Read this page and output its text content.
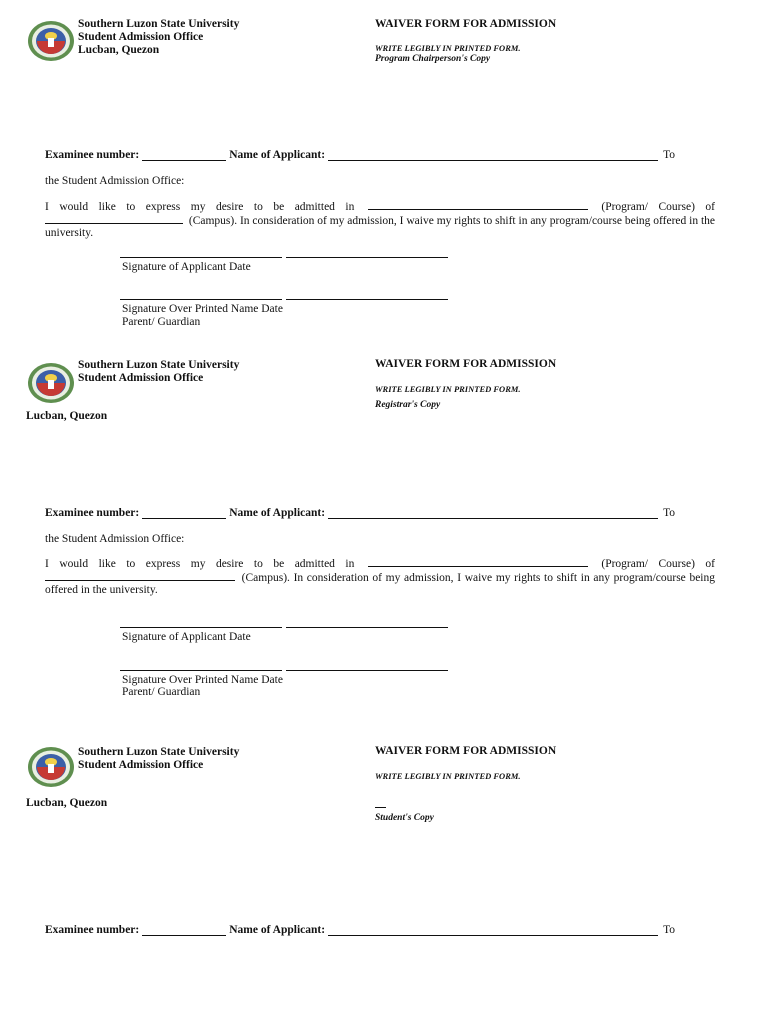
Southern Luzon State University
Student Admission Office
Lucban, Quezon
WAIVER FORM FOR ADMISSION
WRITE LEGIBLY IN PRINTED FORM.
Program Chairperson's Copy
Examinee number:	Name of Applicant:	To
the Student Admission Office:
I would like to express my desire to be admitted in	(Program/ Course) of  (Campus). In consideration of my admission, I waive my rights to shift in any program/course being offered in the university.
Signature of Applicant Date
Signature Over Printed Name Date
Parent/ Guardian
Southern Luzon State University
Student Admission Office
Lucban, Quezon
WAIVER FORM FOR ADMISSION
WRITE LEGIBLY IN PRINTED FORM.
Registrar's Copy
Examinee number:	Name of Applicant:	To
the Student Admission Office:
I would like to express my desire to be admitted in	(Program/ Course) of  (Campus). In consideration of my admission, I waive my rights to shift in any program/course being offered in the university.
Signature of Applicant Date
Signature Over Printed Name Date
Parent/ Guardian
Southern Luzon State University
Student Admission Office
Lucban, Quezon
WAIVER FORM FOR ADMISSION
WRITE LEGIBLY IN PRINTED FORM.
Student's Copy
Examinee number:	Name of Applicant:	To
